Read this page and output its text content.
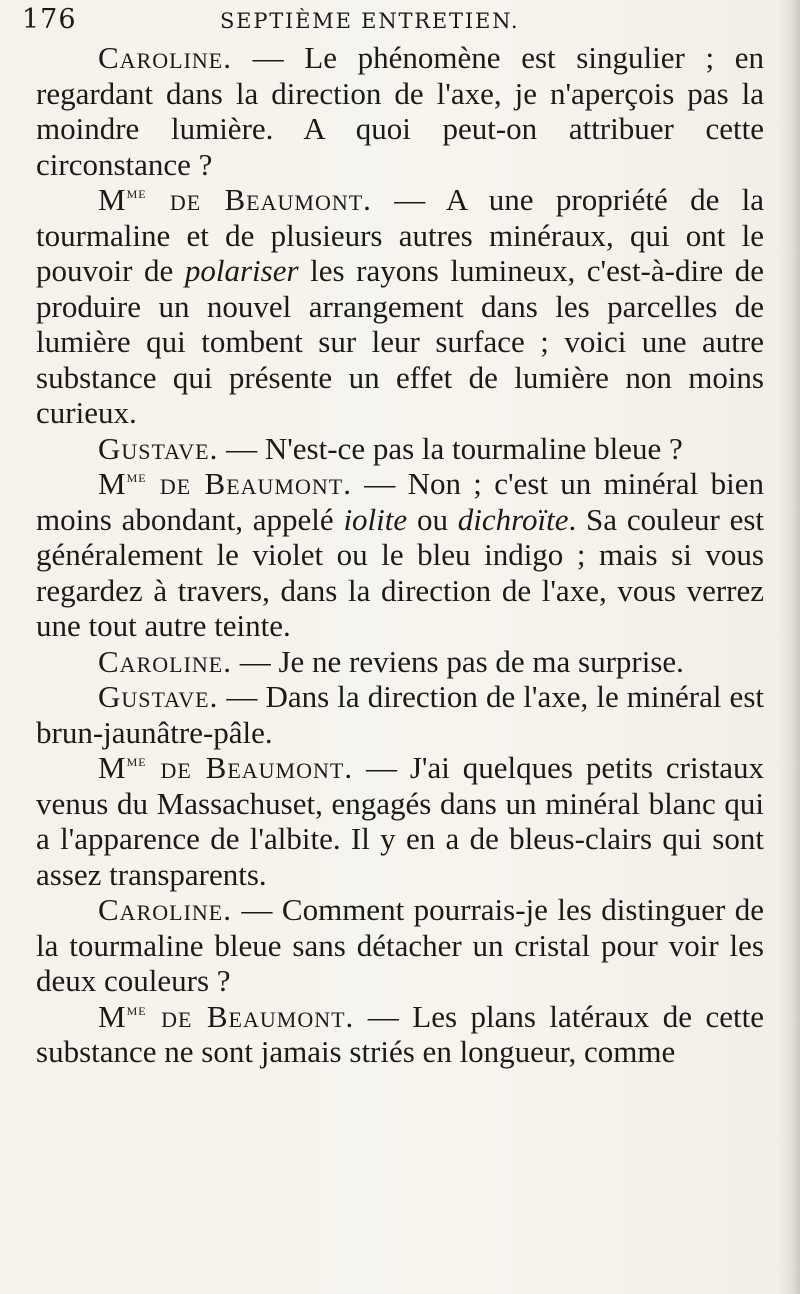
176	SEPTIÈME ENTRETIEN.

Caroline. — Le phénomène est singulier ; en regardant dans la direction de l'axe, je n'aperçois pas la moindre lumière. A quoi peut-on attribuer cette circonstance ?

$M^{me}$ de Beaumont. — A une propriété de la tourmaline et de plusieurs autres minéraux, qui ont le pouvoir de polariser les rayons lumineux, c'est-à-dire de produire un nouvel arrangement dans les parcelles de lumière qui tombent sur leur surface ; voici une autre substance qui présente un effet de lumière non moins curieux.

Gustave. — N'est-ce pas la tourmaline bleue ?

$M^{me}$ de Beaumont. — Non ; c'est un minéral bien moins abondant, appelé iolite ou dichroïte. Sa couleur est généralement le violet ou le bleu indigo ; mais si vous regardez à travers, dans la direction de l'axe, vous verrez une tout autre teinte.

Caroline. — Je ne reviens pas de ma surprise.

Gustave. — Dans la direction de l'axe, le minéral est brun-jaunâtre-pâle.

$M^{me}$ de Beaumont. — J'ai quelques petits cristaux venus du Massachuset, engagés dans un minéral blanc qui a l'apparence de l'albite. Il y en a de bleus-clairs qui sont assez transparents.

Caroline. — Comment pourrais-je les distinguer de la tourmaline bleue sans détacher un cristal pour voir les deux couleurs ?

$M^{me}$ de Beaumont. — Les plans latéraux de cette substance ne sont jamais striés en longueur, comme
